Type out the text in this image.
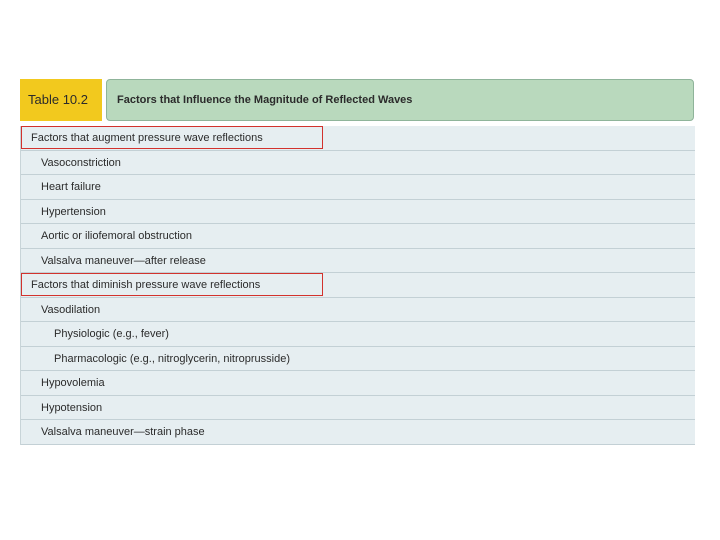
Table 10.2	Factors that Influence the Magnitude of Reflected Waves
Factors that augment pressure wave reflections
Vasoconstriction
Heart failure
Hypertension
Aortic or iliofemoral obstruction
Valsalva maneuver—after release
Factors that diminish pressure wave reflections
Vasodilation
Physiologic (e.g., fever)
Pharmacologic (e.g., nitroglycerin, nitroprusside)
Hypovolemia
Hypotension
Valsalva maneuver—strain phase
